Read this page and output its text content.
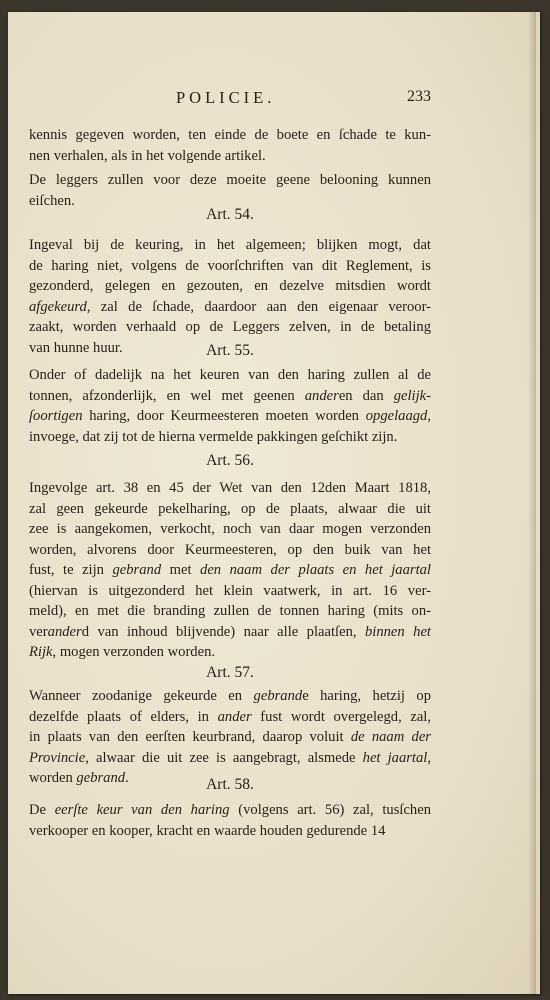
POLICIE.	233
kennis gegeven worden, ten einde de boete en ſchade te kun-
nen verhalen, als in het volgende artikel.
De leggers zullen voor deze moeite geene belooning kunnen
eiſchen.
Art. 54.
Ingeval bij de keuring, in het algemeen; blijken mogt, dat
de haring niet, volgens de voorſchriften van dit Reglement, is
gezonderd, gelegen en gezouten, en dezelve mitsdien wordt
afgekeurd, zal de ſchade, daardoor aan den eigenaar veroor-
zaakt, worden verhaald op de Leggers zelven, in de betaling
van hunne huur.	Art. 55.
Onder of dadelijk na het keuren van den haring zullen al de
tonnen, afzonderlijk, en wel met geenen anderen dan gelijk-
ſoortigen haring, door Keurmeesteren moeten worden opgelaagd,
invoege, dat zij tot de hierna vermelde pakkingen geſchikt zijn.
Art. 56.
Ingevolge art. 38 en 45 der Wet van den 12den Maart 1818,
zal geen gekeurde pekelharing, op de plaats, alwaar die uit
zee is aangekomen, verkocht, noch van daar mogen verzonden
worden, alvorens door Keurmeesteren, op den buik van het
fust, te zijn gebrand met den naam der plaats en het jaartal
(hiervan is uitgezonderd het klein vaatwerk, in art. 16 ver-
meld), en met die branding zullen de tonnen haring (mits on-
veranderd van inhoud blijvende) naar alle plaatſen, binnen het
Rijk, mogen verzonden worden.
Art. 57.
Wanneer zoodanige gekeurde en gebrande haring, hetzij op
dezelfde plaats of elders, in ander fust wordt overgelegd, zal,
in plaats van den eerſten keurbrand, daarop voluit de naam der
Provincie, alwaar die uit zee is aangebragt, alsmede het jaartal,
worden gebrand.	Art. 58.
De eerſte keur van den haring (volgens art. 56) zal, tusſchen
verkooper en kooper, kracht en waarde houden gedurende 14
